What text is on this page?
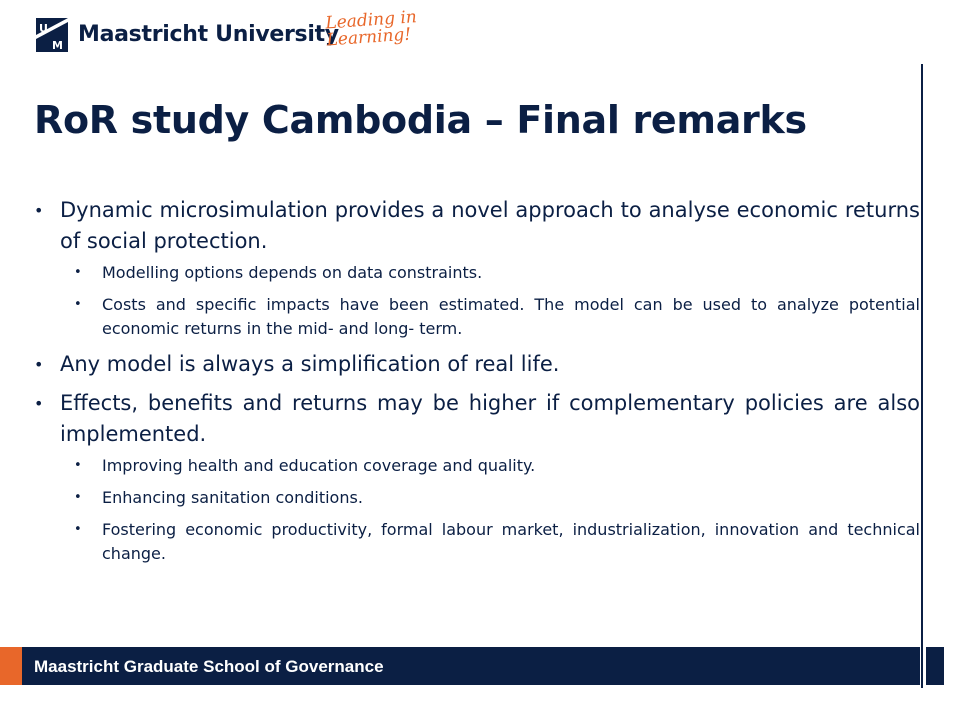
U
M Maastricht University
Leading in Learning!
RoR study Cambodia – Final remarks
• Dynamic microsimulation provides a novel approach to analyse economic returns of social protection.
• Modelling options depends on data constraints.
• Costs and specific impacts have been estimated. The model can be used to analyze potential economic returns in the mid- and long- term.
• Any model is always a simplification of real life.
• Effects, benefits and returns may be higher if complementary policies are also implemented.
• Improving health and education coverage and quality.
• Enhancing sanitation conditions.
• Fostering economic productivity, formal labour market, industrialization, innovation and technical change.
Maastricht Graduate School of Governance
